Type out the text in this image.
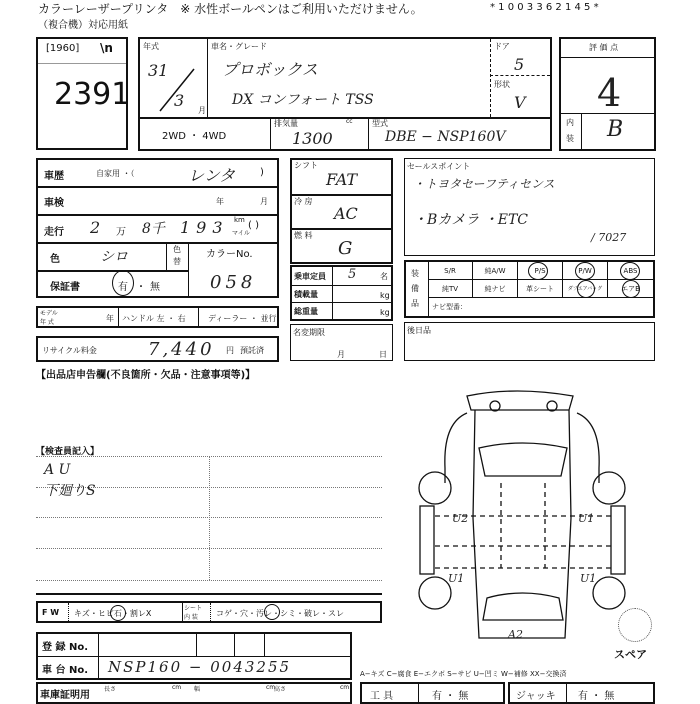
カラーレーザープリンタ　 ※ 水性ボールペンはご利用いただけません。
（複合機）対応用紙
* 1 0 0 3 3 6 2 1 4 5 *
[1960] \n
2391
年式
31
3
月
車名・グレード
プロボックス
DX コンフォート TSS
ドア
5
形状
V
2WD ・ 4WD
排気量	cc
1300
型式
DBE − NSP160V
評 価 点
4
内
装 B
車歴	自家用 ・（	レンタ	)
車検	年	月
走行 2 万 8千 193 km
マイル
( )
色	シロ	色
替
カラーNo.
058
保証書	有 ・ 無
モデル
年 式	年 ハンドル 左 ・ 右	ディーラー ・ 並行
リサイクル料金	7,440 円 預託済
【出品店申告欄(不良箇所・欠品・注意事項等)】
シフト
FAT
冷 房
AC
燃 料
G
乗車定員 5	名
積載量	kg
総重量	kg
名変期限
月	日
セールスポイント
・トヨタセーフティセンス
・Bカメラ ・ETC
/ 7027
装備品
S/R	純A/W	P/S	P/W	ABS
純TV	純ナビ	革シート	ダブエアバッグ	エアB
ナビ型番：
後日品
【検査員記入】
A U
下廻りS
U2	U1
U1	U1
A2
スペア
F W キズ・ヒビ石・割レX
シート
内 装 コゲ・穴・汚レ・シミ・破レ・スレ
登 録 No.
車 台 No. NSP160 − 0043255
車庫証明用
長さ	cm 幅	cm
高さ	cm
A−キズ C−腐食 E−エクボ S−サビ U−凹ミ W−補修 XX−交換済
工 具	有 ・ 無	ジャッキ 有 ・ 無
